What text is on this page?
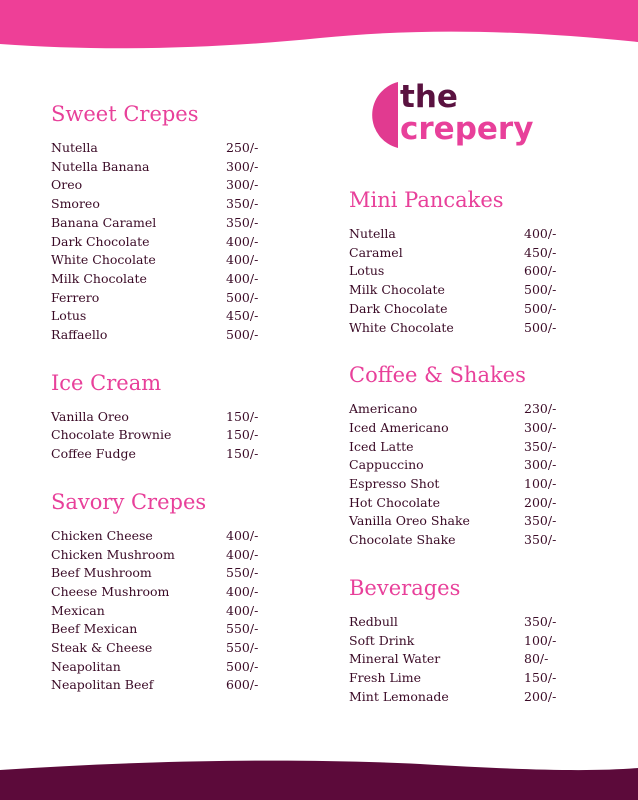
the
crepery
Sweet Crepes
Nutella	250/-
Nutella Banana	300/-
Oreo	300/-
Smoreo	350/-
Banana Caramel	350/-
Dark Chocolate	400/-
White Chocolate	400/-
Milk Chocolate	400/-
Ferrero	500/-
Lotus	450/-
Raffaello	500/-
Ice Cream
Vanilla Oreo	150/-
Chocolate Brownie	150/-
Coffee Fudge	150/-
Savory Crepes
Chicken Cheese	400/-
Chicken Mushroom	400/-
Beef Mushroom	550/-
Cheese Mushroom	400/-
Mexican	400/-
Beef Mexican	550/-
Steak & Cheese	550/-
Neapolitan	500/-
Neapolitan Beef	600/-
Mini Pancakes
Nutella	400/-
Caramel	450/-
Lotus	600/-
Milk Chocolate	500/-
Dark Chocolate	500/-
White Chocolate	500/-
Coffee & Shakes
Americano	230/-
Iced Americano	300/-
Iced Latte	350/-
Cappuccino	300/-
Espresso Shot	100/-
Hot Chocolate	200/-
Vanilla Oreo Shake	350/-
Chocolate Shake	350/-
Beverages
Redbull	350/-
Soft Drink	100/-
Mineral Water	80/-
Fresh Lime	150/-
Mint Lemonade	200/-
